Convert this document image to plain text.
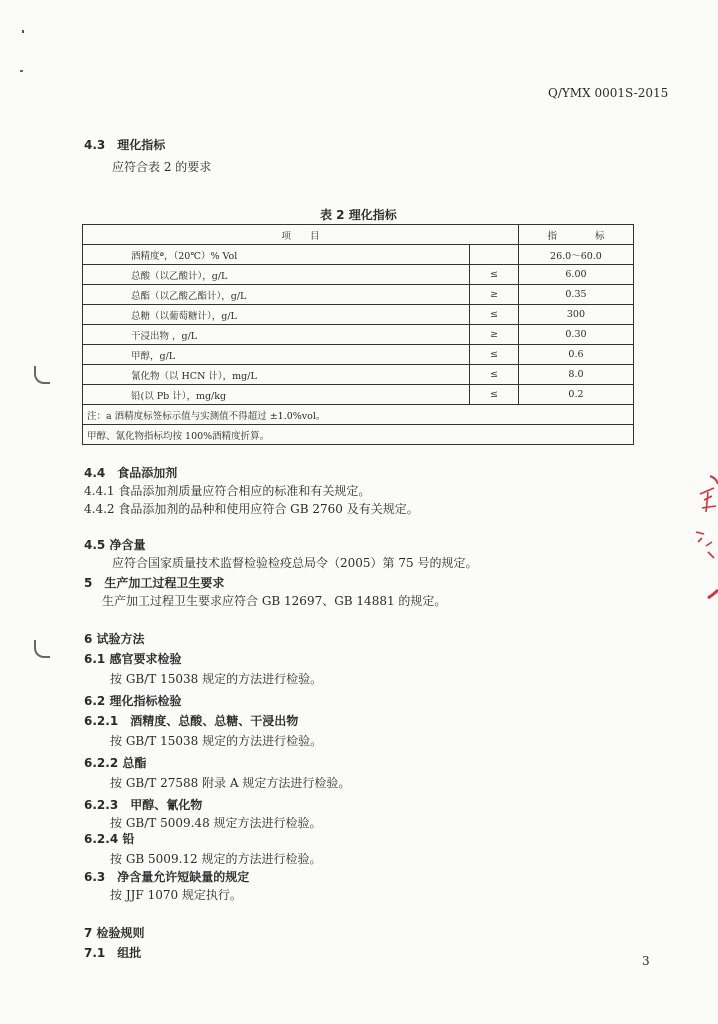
Q/YMX 0001S-2015
4.3　 理化指标
应符合表 2 的要求
表 2 理化指标
项　　目		指　　　　标
酒精度ª，（20℃）% Vol		26.0～60.0
总酸（以乙酸计），g/L	≤	6.00
总酯（以乙酸乙酯计），g/L	≥	0.35
总糖（以葡萄糖计），g/L	≤	300
干浸出物 ，g/L	≥	0.30
甲醇，g/L	≤	0.6
氰化物（以 HCN 计），mg/L	≤	8.0
铅(以 Pb 计），mg/kg	≤	0.2
注：a 酒精度标签标示值与实测值不得超过 ±1.0%vol。		
甲醇、氰化物指标均按 100%酒精度折算。		
4.4　 食品添加剂
4.4.1 食品添加剂质量应符合相应的标准和有关规定。
4.4.2 食品添加剂的品种和使用应符合 GB 2760 及有关规定。
4.5 净含量
应符合国家质量技术监督检验检疫总局令（2005）第 75 号的规定。
5　 生产加工过程卫生要求
生产加工过程卫生要求应符合 GB 12697、GB 14881 的规定。
6 试验方法
6.1 感官要求检验
按 GB/T 15038 规定的方法进行检验。
6.2 理化指标检验
6.2.1　 酒精度、总酸、总糖、干浸出物
按 GB/T 15038 规定的方法进行检验。
6.2.2 总酯
按 GB/T 27588 附录 A 规定方法进行检验。
6.2.3　 甲醇、氰化物
按 GB/T 5009.48 规定方法进行检验。
6.2.4 铅
按 GB 5009.12 规定的方法进行检验。
6.3　 净含量允许短缺量的规定
按 JJF 1070 规定执行。
7 检验规则
7.1　 组批
3
